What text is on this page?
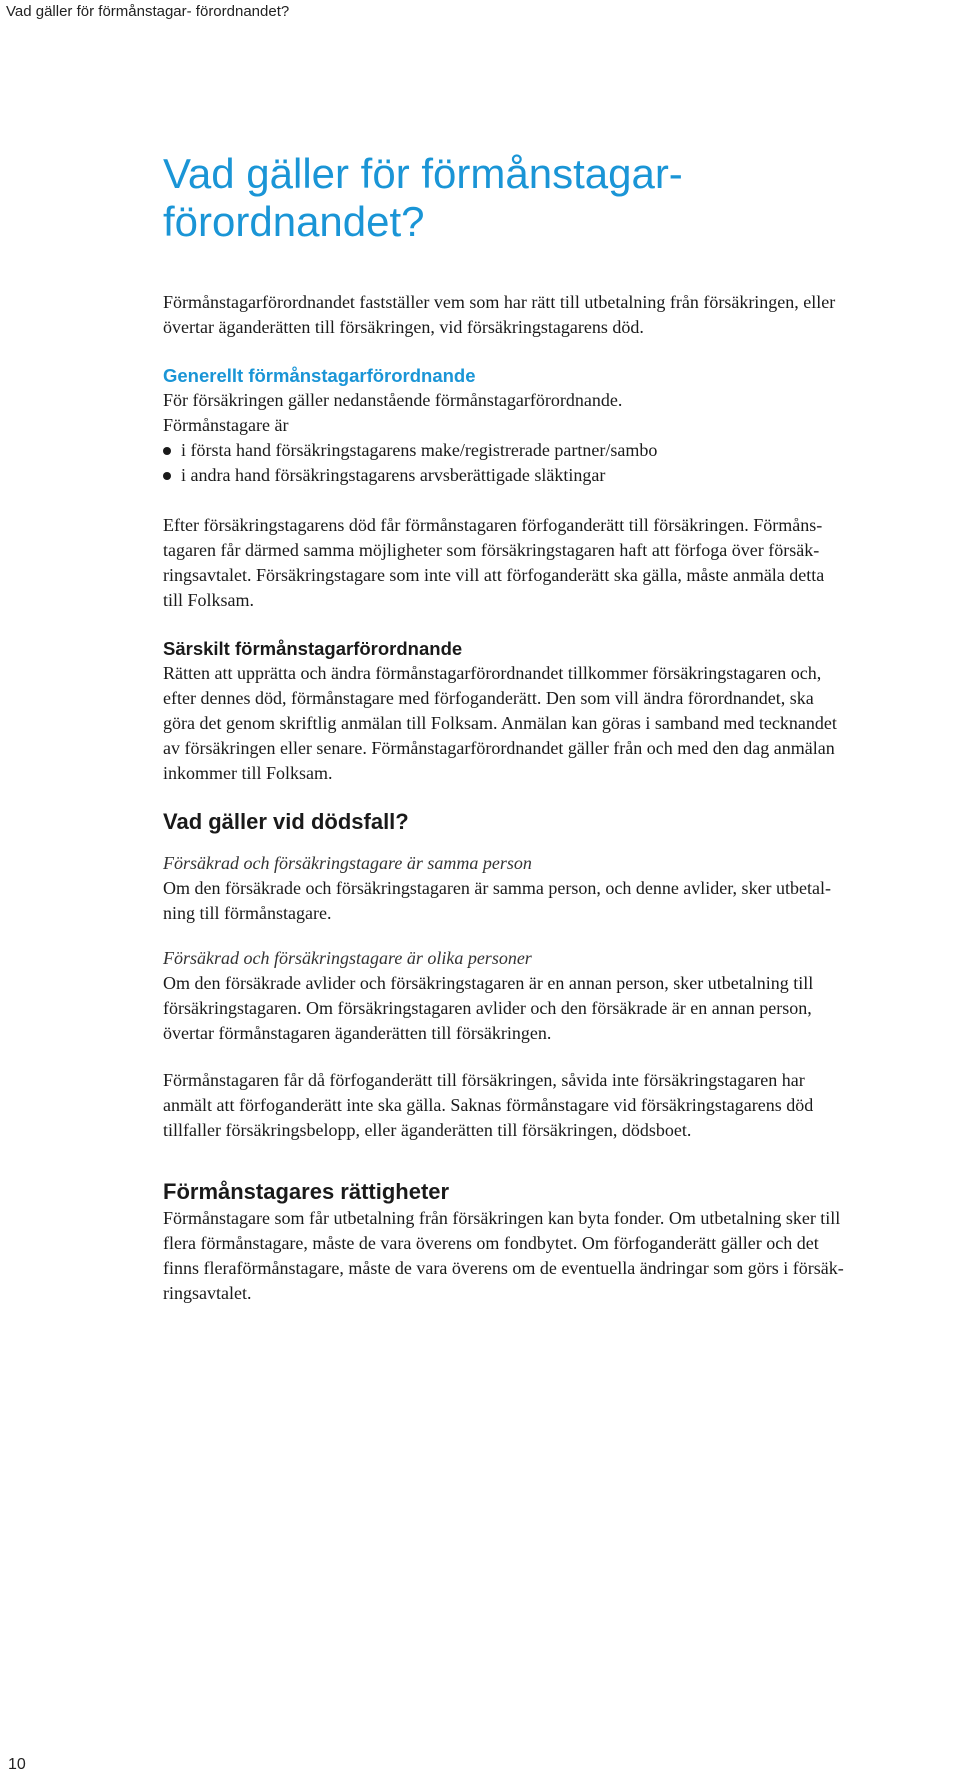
Vad gäller för förmånstagar- förordnandet?
Vad gäller för förmånstagar-
förordnandet?

Förmånstagarförordnandet fastställer vem som har rätt till utbetalning från försäkringen, eller
övertar äganderätten till försäkringen, vid försäkringstagarens död.

Generellt förmånstagarförordnande

För försäkringen gäller nedanstående förmånstagarförordnande.
Förmånstagare är

i första hand försäkringstagarens make/registrerade partner/sambo
i andra hand försäkringstagarens arvsberättigade släktingar

Efter försäkringstagarens död får förmånstagaren förfoganderätt till försäkringen. Förmåns-
tagaren får därmed samma möjligheter som försäkringstagaren haft att förfoga över försäk-
ringsavtalet. Försäkringstagare som inte vill att förfoganderätt ska gälla, måste anmäla detta
till Folksam.

Särskilt förmånstagarförordnande

Rätten att upprätta och ändra förmånstagarförordnandet tillkommer försäkringstagaren och,
efter dennes död, förmånstagare med förfoganderätt. Den som vill ändra förordnandet, ska
göra det genom skriftlig anmälan till Folksam. Anmälan kan göras i samband med tecknandet
av försäkringen eller senare. Förmånstagarförordnandet gäller från och med den dag anmälan
inkommer till Folksam.

Vad gäller vid dödsfall?

Försäkrad och försäkringstagare är samma person

Om den försäkrade och försäkringstagaren är samma person, och denne avlider, sker utbetal-
ning till förmånstagare.

Försäkrad och försäkringstagare är olika personer

Om den försäkrade avlider och försäkringstagaren är en annan person, sker utbetalning till
försäkringstagaren. Om försäkringstagaren avlider och den försäkrade är en annan person,
övertar förmånstagaren äganderätten till försäkringen.

Förmånstagaren får då förfoganderätt till försäkringen, såvida inte försäkringstagaren har
anmält att förfoganderätt inte ska gälla. Saknas förmånstagare vid försäkringstagarens död
tillfaller försäkringsbelopp, eller äganderätten till försäkringen, dödsboet.

Förmånstagares rättigheter

Förmånstagare som får utbetalning från försäkringen kan byta fonder. Om utbetalning sker till
flera förmånstagare, måste de vara överens om fondbytet. Om förfoganderätt gäller och det
finns fleraförmånstagare, måste de vara överens om de eventuella ändringar som görs i försäk-
ringsavtalet.

10
